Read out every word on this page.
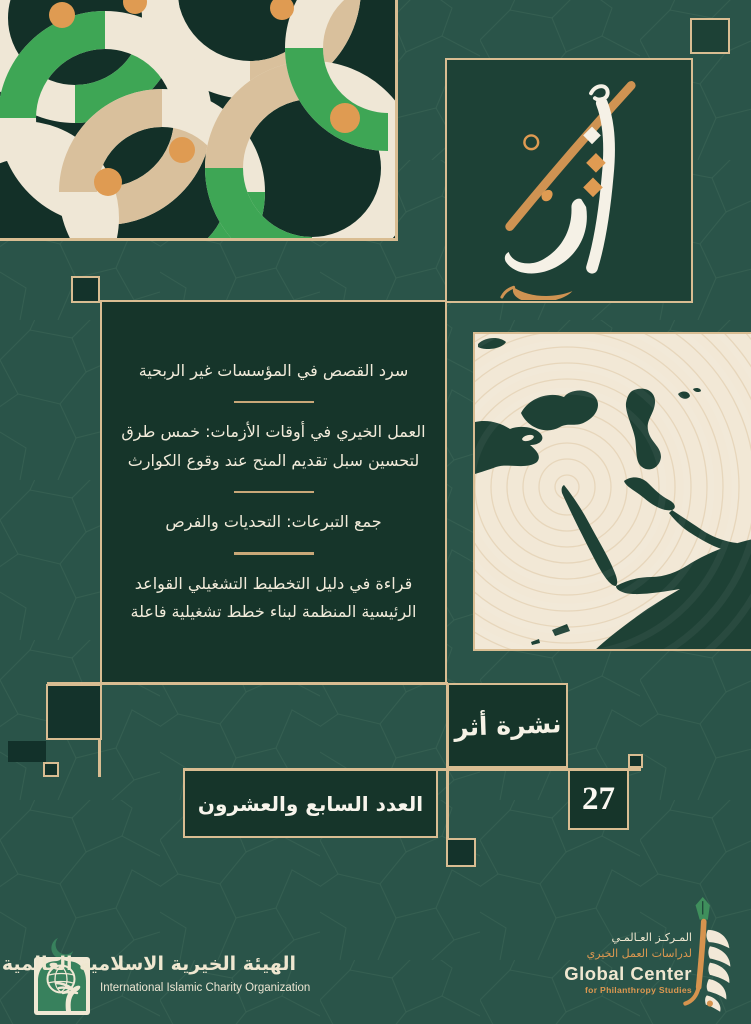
سرد القصص في المؤسسات غير الربحية
العمل الخيري في أوقات الأزمات: خمس طرق لتحسين سبل تقديم المنح عند وقوع الكوارث
جمع التبرعات: التحديات والفرص
قراءة في دليل التخطيط التشغيلي القواعد الرئيسية المنظمة لبناء خطط تشغيلية فاعلة
نشرة أثر
العدد السابع والعشرون	27
الهيئة الخيرية الاسلامية العالمية
International Islamic Charity Organization
المـركـز العـالمـي
لدراسات العمل الخيري
Global Center
for Philanthropy Studies
